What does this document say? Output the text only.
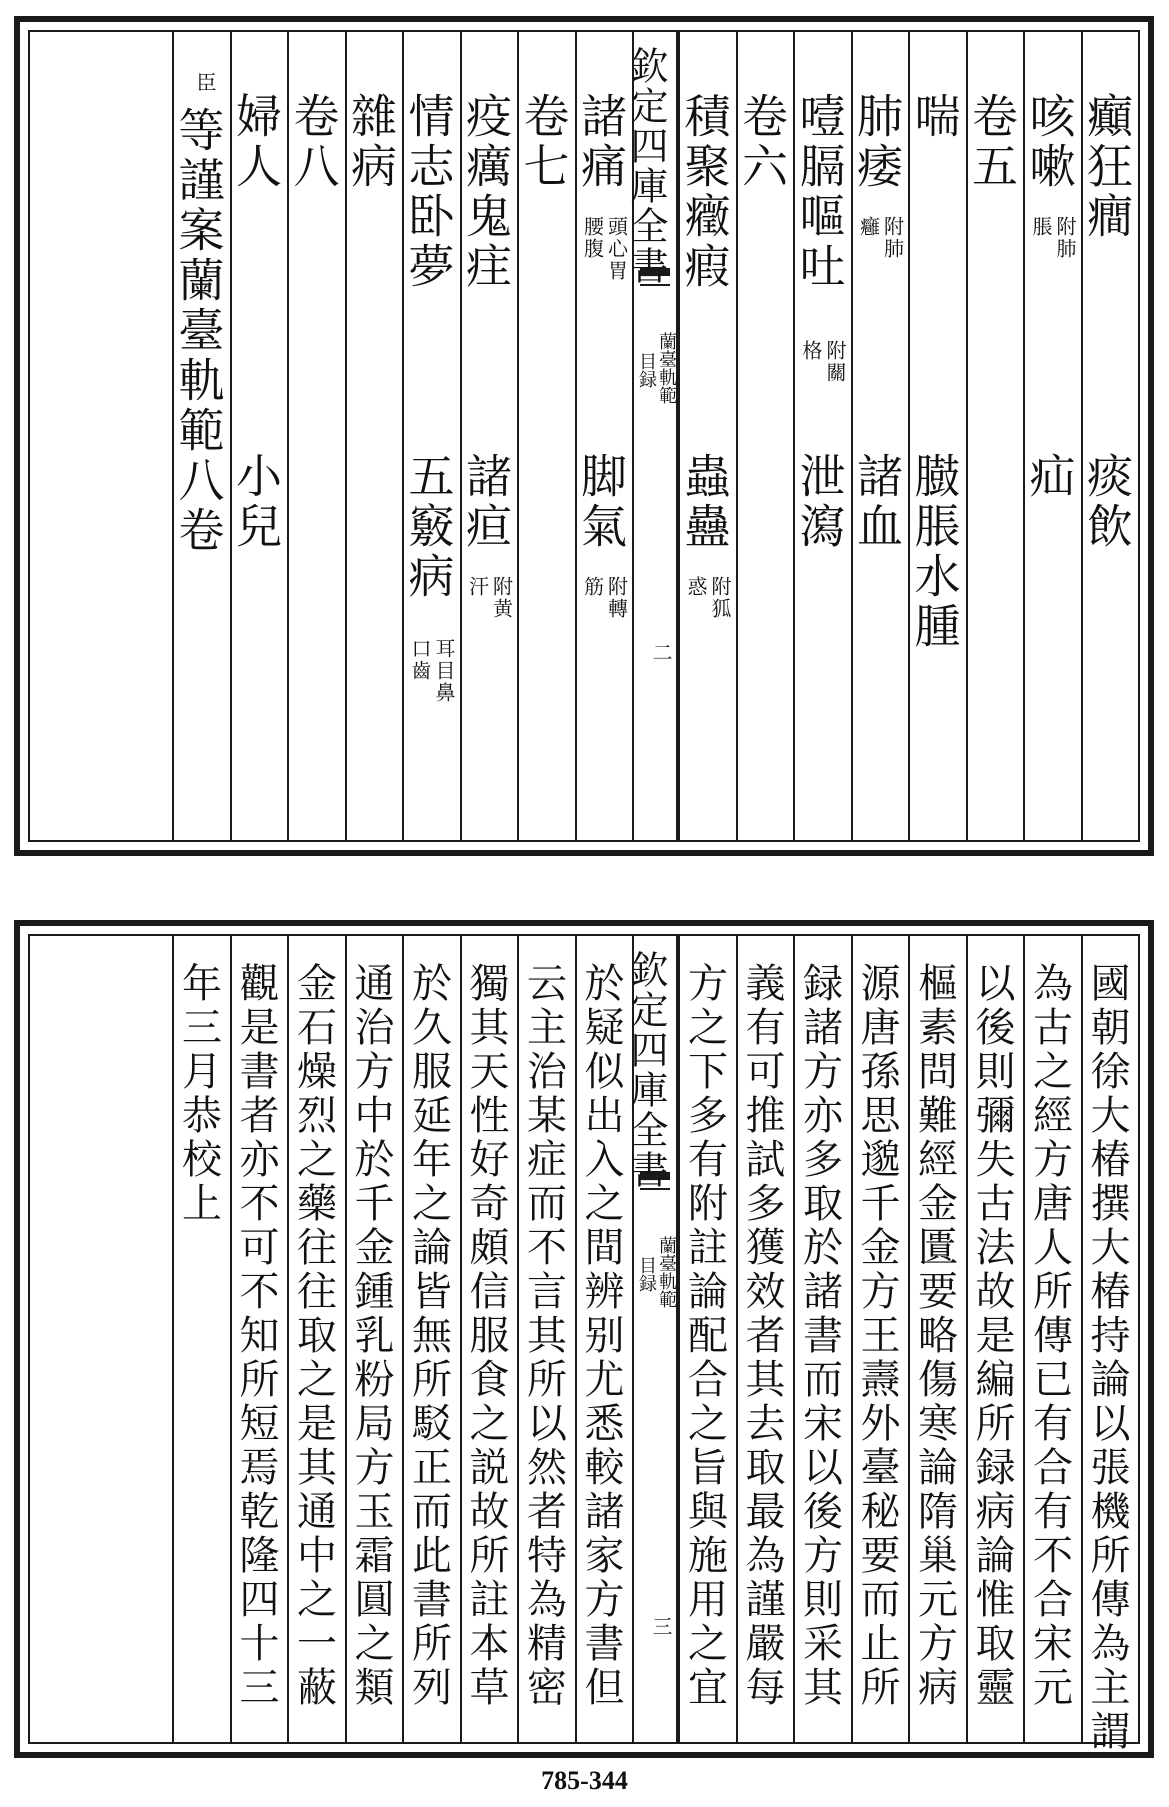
癲狂癎
痰飲
咳嗽
附肺
脹
疝
卷五
喘
臌脹水腫
肺痿
附肺
癰
諸血
噎膈嘔吐
附關
格
泄瀉
卷六
積聚癥瘕
蟲蠱
附狐
惑
欽定四庫全書
蘭臺軌範
目録
二
諸痛
頭心胃
腰腹
脚氣
附轉
筋
卷七
疫癘鬼疰
諸疸
附黄
汗
情志卧夢
五竅病
耳目鼻
口齒
雜病
卷八
婦人
小兒
等謹案蘭臺軌範八卷
臣
國朝徐大椿撰大椿持論以張機所傳為主謂
為古之經方唐人所傳已有合有不合宋元
以後則彌失古法故是編所録病論惟取靈
樞素問難經金匱要略傷寒論隋巢元方病
源唐孫思邈千金方王燾外臺秘要而止所
録諸方亦多取於諸書而宋以後方則采其
義有可推試多獲效者其去取最為謹嚴每
方之下多有附註論配合之旨與施用之宜
欽定四庫全書
蘭臺軌範
目録
三
於疑似出入之間辨别尤悉較諸家方書但
云主治某症而不言其所以然者特為精密
獨其天性好奇頗信服食之説故所註本草
於久服延年之論皆無所駁正而此書所列
通治方中於千金鍾乳粉局方玉霜圓之類
金石燥烈之藥往往取之是其通中之一蔽
觀是書者亦不可不知所短焉乾隆四十三
年三月恭校上
785-344
